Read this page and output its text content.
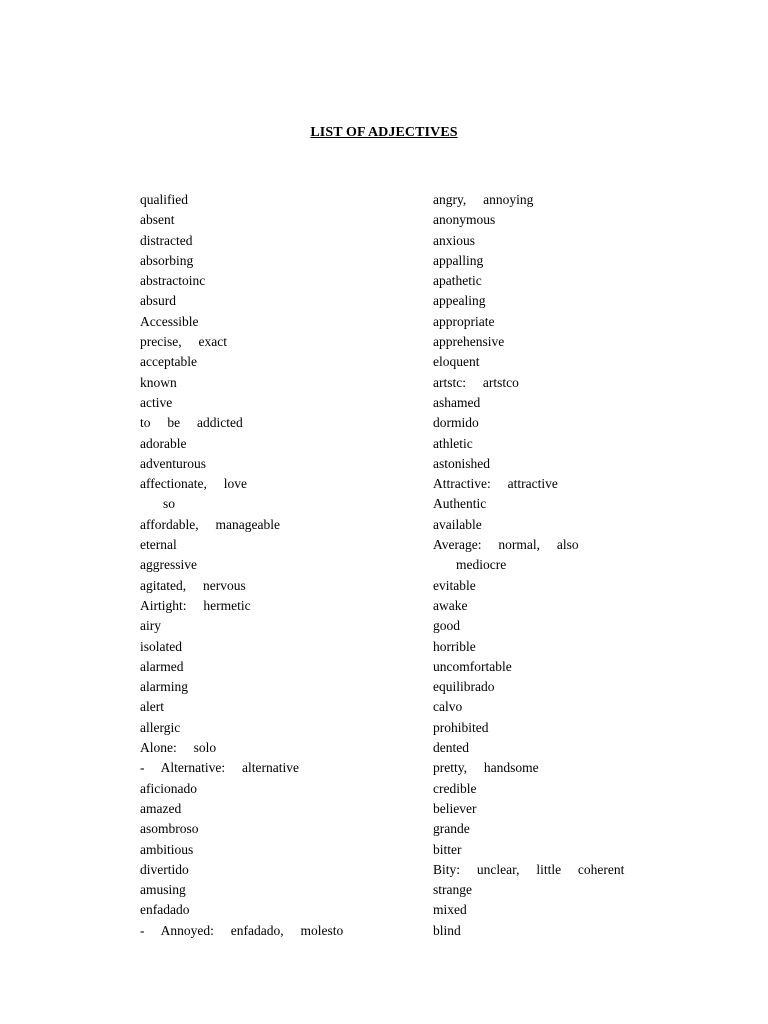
LIST OF ADJECTIVES
qualified
absent
distracted
absorbing
abstractoinc
absurd
Accessible
precise,     exact
acceptable
known
active
to     be     addicted
adorable
adventurous
affectionate,     love
so
affordable,     manageable
eternal
aggressive
agitated,     nervous
Airtight:     hermetic
airy
isolated
alarmed
alarming
alert
allergic
Alone:     solo
-     Alternative:     alternative
aficionado
amazed
asombroso
ambitious
divertido
amusing
enfadado
-     Annoyed:     enfadado,     molesto
angry,     annoying
anonymous
anxious
appalling
apathetic
appealing
appropriate
apprehensive
eloquent
artstc:     artstco
ashamed
dormido
athletic
astonished
Attractive:     attractive
Authentic
available
Average:     normal,     also
mediocre
evitable
awake
good
horrible
uncomfortable
equilibrado
calvo
prohibited
dented
pretty,     handsome
credible
believer
grande
bitter
Bity:     unclear,     little     coherent
strange
mixed
blind
